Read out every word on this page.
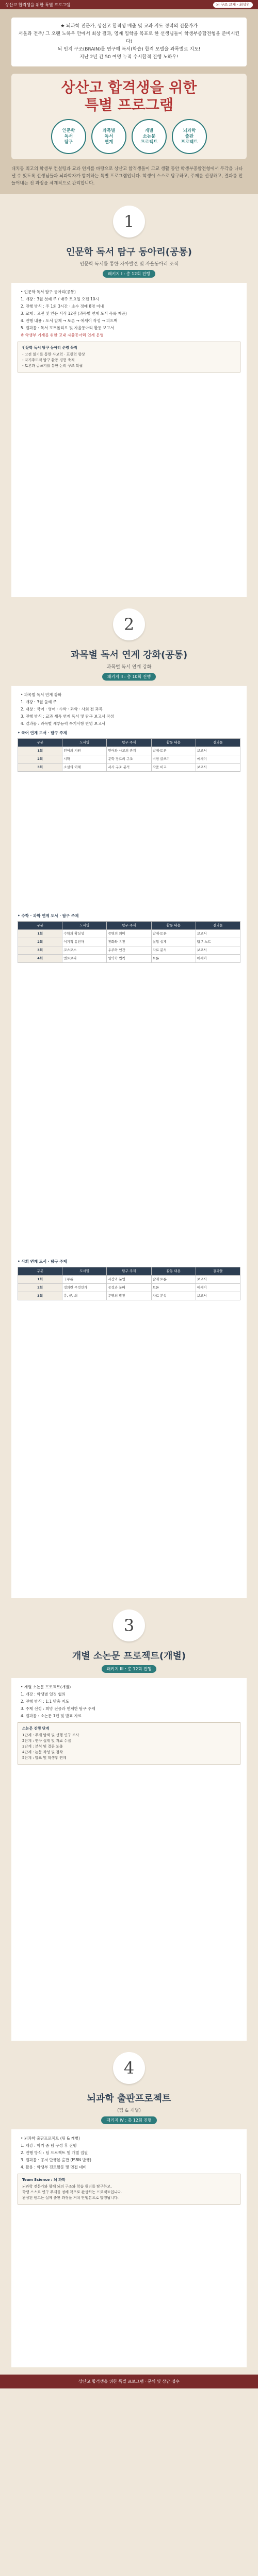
상산고 합격생을 위한 특별 프로그램	뇌 구조 교재 · 최상위
★ 뇌과학 전문가, 상산고 합격생 배출 및 교과 지도 경력의 전문가가
서울과 전주/ 그 오랜 노하우 안에서 최상 결과, 영재 입학을 목표로 한 선생님들이 학생부종합전형을 준비시킨다!
뇌 인지 구조(BRAIN)를 연구해 독서(학습) 합격 모델을 과목별로 지도!
지난 2년 간 50 여명 누적 수시합격 진행 노하우!
상산고 합격생을 위한
특별 프로그램
인문학
독서
탐구
과목별
독서
연계
개별
소논문
프로젝트
뇌과학
출판
프로젝트
대치동 최고의 학생부 컨설팅과 교과 연계를 바탕으로 상산고 합격생들이 고교 생활 동안 학생부종합전형에서 두각을 나타낼 수 있도록 선생님들과 뇌과학자가 함께하는 특별 프로그램입니다. 학생이 스스로 탐구하고, 주제를 선정하고, 결과를 만들어내는 전 과정을 체계적으로 관리합니다.
1
인문학 독서 탐구 동아리(공통)
인문학 독서를 통한 자아발견 및 자율동아리 조직
패키지 I : 총 12회 진행
• 인문학 독서 탐구 동아리(공통)
1. 개강 : 3월 첫째 주 / 매주 토요일 오전 10시
2. 진행 방식 : 주 1회 3시간 · 소수 정예 8명 이내
3. 교재 : 고전 및 인문 서적 12권 (과목별 연계 도서 목록 제공)
4. 진행 내용 : 도서 발제 → 토론 → 에세이 작성 → 피드백
5. 결과물 : 독서 포트폴리오 및 자율동아리 활동 보고서
※ 학생부 기재를 위한 교내 자율동아리 연계 운영
인문학 독서 탐구 동아리 운영 목적
- 고전 읽기를 통한 사고력 · 표현력 향상
- 자기주도적 탐구 활동 경험 축적
- 토론과 글쓰기를 통한 논리 구조 확립
2
과목별 독서 연계 강화(공통)
과목별 독서 연계 강화
패키지 II : 총 10회 진행
• 과목별 독서 연계 강화
1. 개강 : 3월 둘째 주
2. 대상 : 국어 · 영어 · 수학 · 과학 · 사회 전 과목
3. 진행 방식 : 교과 세특 연계 독서 및 탐구 보고서 작성
4. 결과물 : 과목별 세부능력 특기사항 반영 보고서
• 국어 연계 도서 · 탐구 주제
구분	도서명	탐구 주제	활동 내용	결과물
1회	언어의 기원	언어와 사고의 관계	발제·토론	보고서
2회	시학	문학 장르의 구조	비평 글쓰기	에세이
3회	소설의 이해	서사 구조 분석	작품 비교	보고서
• 수학 · 과학 연계 도서 · 탐구 주제
구분	도서명	탐구 주제	활동 내용	결과물
1회	수학의 확실성	증명의 의미	발제·토론	보고서
2회	이기적 유전자	진화와 유전	실험 설계	탐구 노트
3회	코스모스	우주와 인간	자료 분석	보고서
4회	엔트로피	열역학 법칙	토론	에세이
• 사회 연계 도서 · 탐구 주제
구분	도서명	탐구 주제	활동 내용	결과물
1회	국부론	시장과 분업	발제·토론	보고서
2회	정의란 무엇인가	공정과 분배	토론	에세이
3회	총, 균, 쇠	문명의 발전	자료 분석	보고서
3
개별 소논문 프로젝트(개별)
패키지 III : 총 12회 진행
• 개별 소논문 프로젝트(개별)
1. 개강 : 학생별 일정 협의
2. 진행 방식 : 1:1 맞춤 지도
3. 주제 선정 : 희망 전공과 연계한 탐구 주제
4. 결과물 : 소논문 1편 및 발표 자료
소논문 진행 단계
1단계 : 주제 탐색 및 선행 연구 조사
2단계 : 연구 설계 및 자료 수집
3단계 : 분석 및 결론 도출
4단계 : 논문 작성 및 첨삭
5단계 : 발표 및 학생부 연계
4
뇌과학 출판프로젝트
(팀 & 개별)
패키지 IV : 총 12회 진행
• 뇌과학 출판프로젝트 (팀 & 개별)
1. 개강 : 학기 중 팀 구성 후 진행
2. 진행 방식 : 팀 프로젝트 및 개별 집필
3. 결과물 : 공저 단행본 출판 (ISBN 발행)
4. 활용 : 학생부 진로활동 및 면접 대비
Team Science : 뇌 과학
뇌과학 전문가와 함께 뇌의 구조와 학습 원리를 탐구하고,
학생 스스로 연구 주제를 정해 책으로 완성하는 프로젝트입니다.
완성된 원고는 실제 출판 과정을 거쳐 단행본으로 발행됩니다.
상산고 합격생을 위한 특별 프로그램 · 문의 및 상담 접수
